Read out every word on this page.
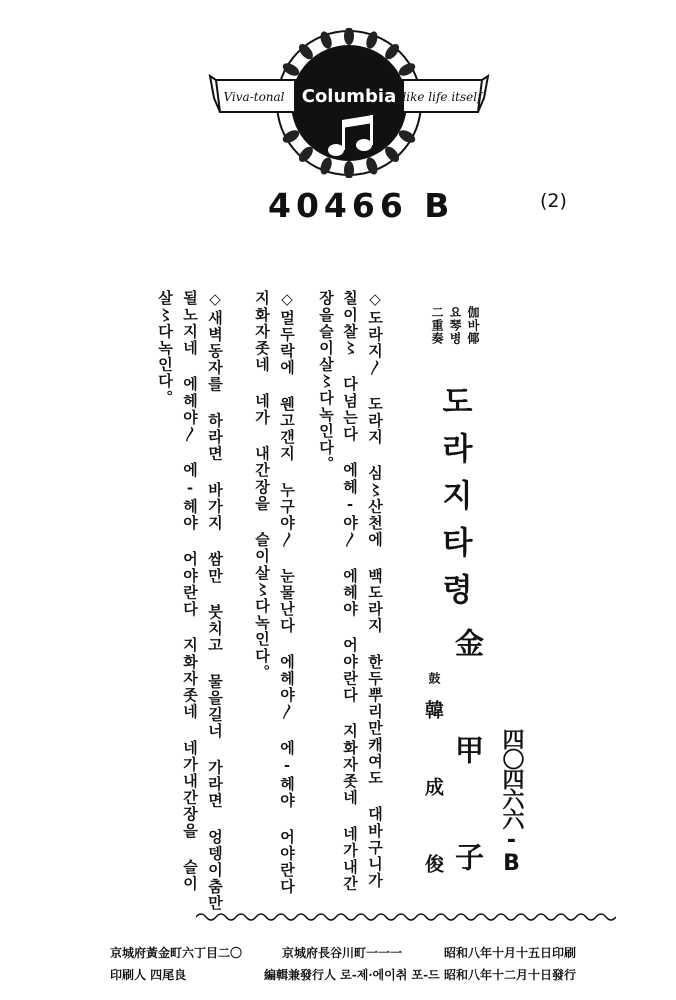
Columbia
Viva-tonal	like life itself
40466 B	(2)
伽바倻
요琴병
二重奏
도라지타령
金 甲 子
鼓
韓 成 俊	四〇四六六-B
◇도라지〳 도라지 심〻산천에 백도라지 한두뿌리만캐여도 대바구니가
칠이찰〻 다넘는다 에헤-야〳 에헤야 어야란다 지화자좃네 네가내간
장을슬이살〻다녹인다。
◇멀두락에 웬고갠지 누구야〳 눈물난다 에헤야〳 에-헤야 어야란다
지화자좃네 네가 내간장을 슬이살〻다녹인다。
◇새벽동자를 하라면 바가지 쌈만 붓치고 물을길너 가라면 엉뎅이춤만
될노지네 에헤야〳 에-헤야 어야란다 지화자좃네 네가내간장을 슬이
살〻다녹인다。
昭和八年十月十五日印刷
昭和八年十二月十日發行
京城府長谷川町一一一
編輯兼發行人 로-제·에이취 포-드
京城府黃金町六丁目二〇
印刷人 四尾良
